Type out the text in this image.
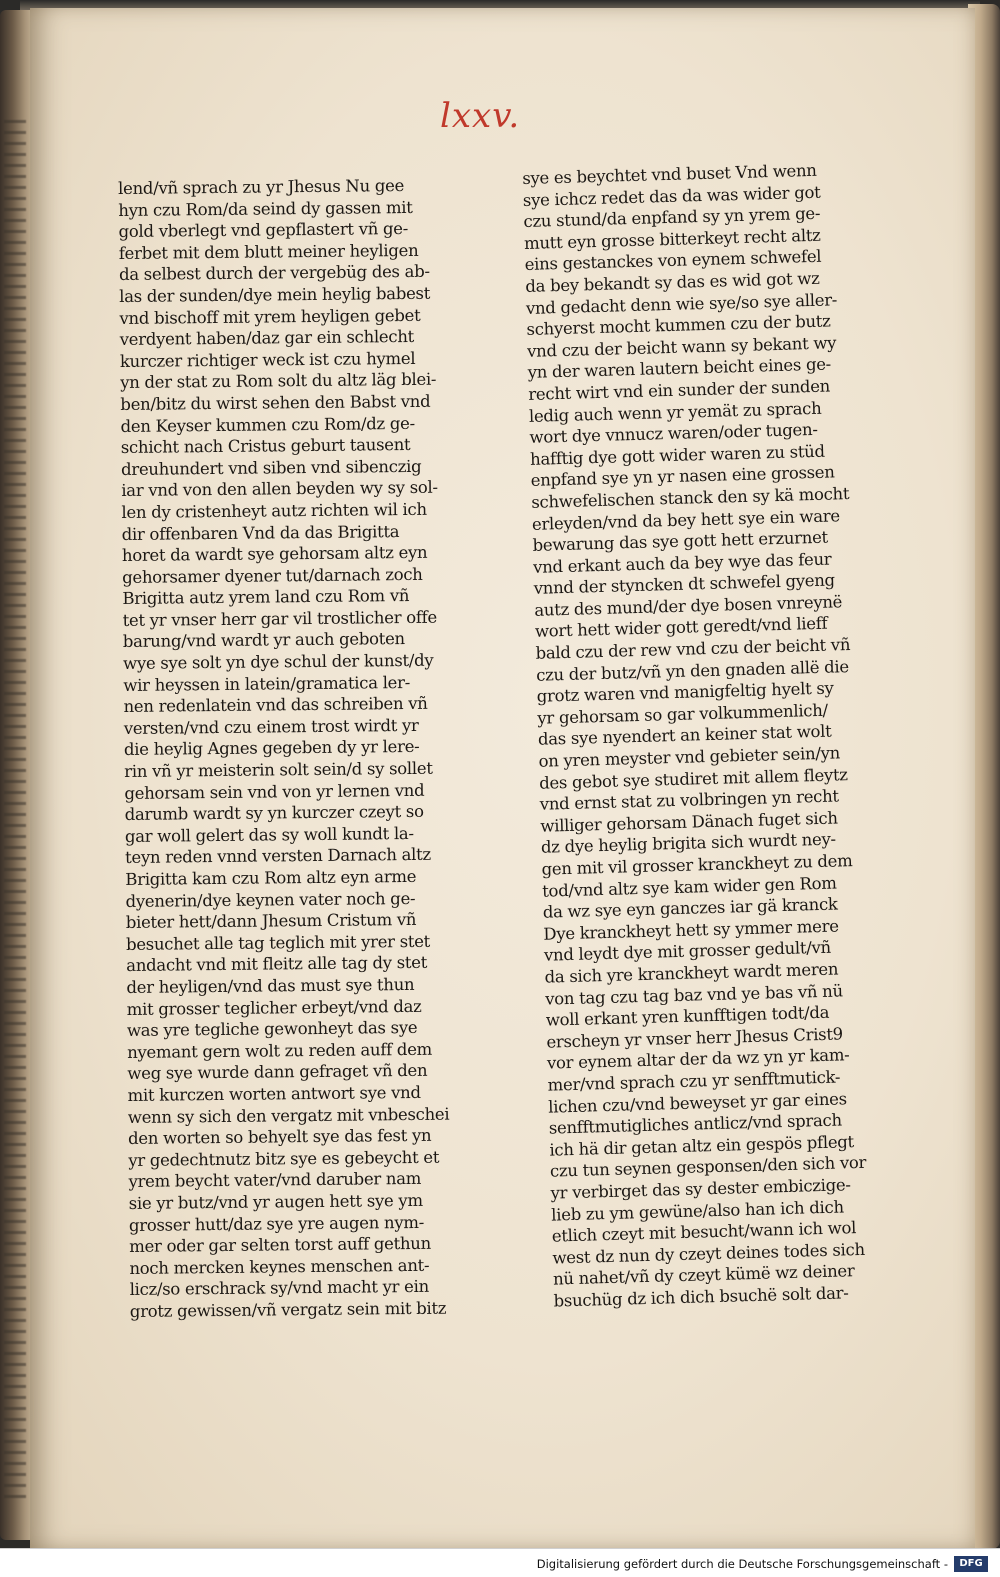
lxxv.
lend/vñ sprach zu yr Jhesus Nu gee
hyn czu Rom/da seind dy gassen mit
gold vberlegt vnd gepflastert vñ ge-
ferbet mit dem blutt meiner heyligen
da selbest durch der vergebüg des ab-
las der sunden/dye mein heylig babest
vnd bischoff mit yrem heyligen gebet
verdyent haben/daz gar ein schlecht
kurczer richtiger weck ist czu hymel
yn der stat zu Rom solt du altz läg blei-
ben/bitz du wirst sehen den Babst vnd
den Keyser kummen czu Rom/dz ge-
schicht nach Cristus geburt tausent
dreuhundert vnd siben vnd sibenczig
iar vnd von den allen beyden wy sy sol-
len dy cristenheyt autz richten wil ich
dir offenbaren Vnd da das Brigitta
horet da wardt sye gehorsam altz eyn
gehorsamer dyener tut/darnach zoch
Brigitta autz yrem land czu Rom vñ
tet yr vnser herr gar vil trostlicher offe
barung/vnd wardt yr auch geboten
wye sye solt yn dye schul der kunst/dy
wir heyssen in latein/gramatica ler-
nen redenlatein vnd das schreiben vñ
versten/vnd czu einem trost wirdt yr
die heylig Agnes gegeben dy yr lere-
rin vñ yr meisterin solt sein/d sy sollet
gehorsam sein vnd von yr lernen vnd
darumb wardt sy yn kurczer czeyt so
gar woll gelert das sy woll kundt la-
teyn reden vnnd versten Darnach altz
Brigitta kam czu Rom altz eyn arme
dyenerin/dye keynen vater noch ge-
bieter hett/dann Jhesum Cristum vñ
besuchet alle tag teglich mit yrer stet
andacht vnd mit fleitz alle tag dy stet
der heyligen/vnd das must sye thun
mit grosser teglicher erbeyt/vnd daz
was yre tegliche gewonheyt das sye
nyemant gern wolt zu reden auff dem
weg sye wurde dann gefraget vñ den
mit kurczen worten antwort sye vnd
wenn sy sich den vergatz mit vnbeschei
den worten so behyelt sye das fest yn
yr gedechtnutz bitz sye es gebeycht et
yrem beycht vater/vnd daruber nam
sie yr butz/vnd yr augen hett sye ym
grosser hutt/daz sye yre augen nym-
mer oder gar selten torst auff gethun
noch mercken keynes menschen ant-
licz/so erschrack sy/vnd macht yr ein
grotz gewissen/vñ vergatz sein mit bitz
sye es beychtet vnd buset Vnd wenn
sye ichcz redet das da was wider got
czu stund/da enpfand sy yn yrem ge-
mutt eyn grosse bitterkeyt recht altz
eins gestanckes von eynem schwefel
da bey bekandt sy das es wid got wz
vnd gedacht denn wie sye/so sye aller-
schyerst mocht kummen czu der butz
vnd czu der beicht wann sy bekant wy
yn der waren lautern beicht eines ge-
recht wirt vnd ein sunder der sunden
ledig auch wenn yr yemät zu sprach
wort dye vnnucz waren/oder tugen-
hafftig dye gott wider waren zu stüd
enpfand sye yn yr nasen eine grossen
schwefelischen stanck den sy kä mocht
erleyden/vnd da bey hett sye ein ware
bewarung das sye gott hett erzurnet
vnd erkant auch da bey wye das feur
vnnd der styncken dt schwefel gyeng
autz des mund/der dye bosen vnreynë
wort hett wider gott geredt/vnd lieff
bald czu der rew vnd czu der beicht vñ
czu der butz/vñ yn den gnaden allë die
grotz waren vnd manigfeltig hyelt sy
yr gehorsam so gar volkummenlich/
das sye nyendert an keiner stat wolt
on yren meyster vnd gebieter sein/yn
des gebot sye studiret mit allem fleytz
vnd ernst stat zu volbringen yn recht
williger gehorsam Dänach fuget sich
dz dye heylig brigita sich wurdt ney-
gen mit vil grosser kranckheyt zu dem
tod/vnd altz sye kam wider gen Rom
da wz sye eyn ganczes iar gä kranck
Dye kranckheyt hett sy ymmer mere
vnd leydt dye mit grosser gedult/vñ
da sich yre kranckheyt wardt meren
von tag czu tag baz vnd ye bas vñ nü
woll erkant yren kunfftigen todt/da
erscheyn yr vnser herr Jhesus Crist9
vor eynem altar der da wz yn yr kam-
mer/vnd sprach czu yr senfftmutick-
lichen czu/vnd beweyset yr gar eines
senfftmutigliches antlicz/vnd sprach
ich hä dir getan altz ein gespös pflegt
czu tun seynen gesponsen/den sich vor
yr verbirget das sy dester embiczige-
lieb zu ym gewüne/also han ich dich
etlich czeyt mit besucht/wann ich wol
west dz nun dy czeyt deines todes sich
nü nahet/vñ dy czeyt kümë wz deiner
bsuchüg dz ich dich bsuchë solt dar-
Digitalisierung gefördert durch die Deutsche Forschungsgemeinschaft -	DFG
